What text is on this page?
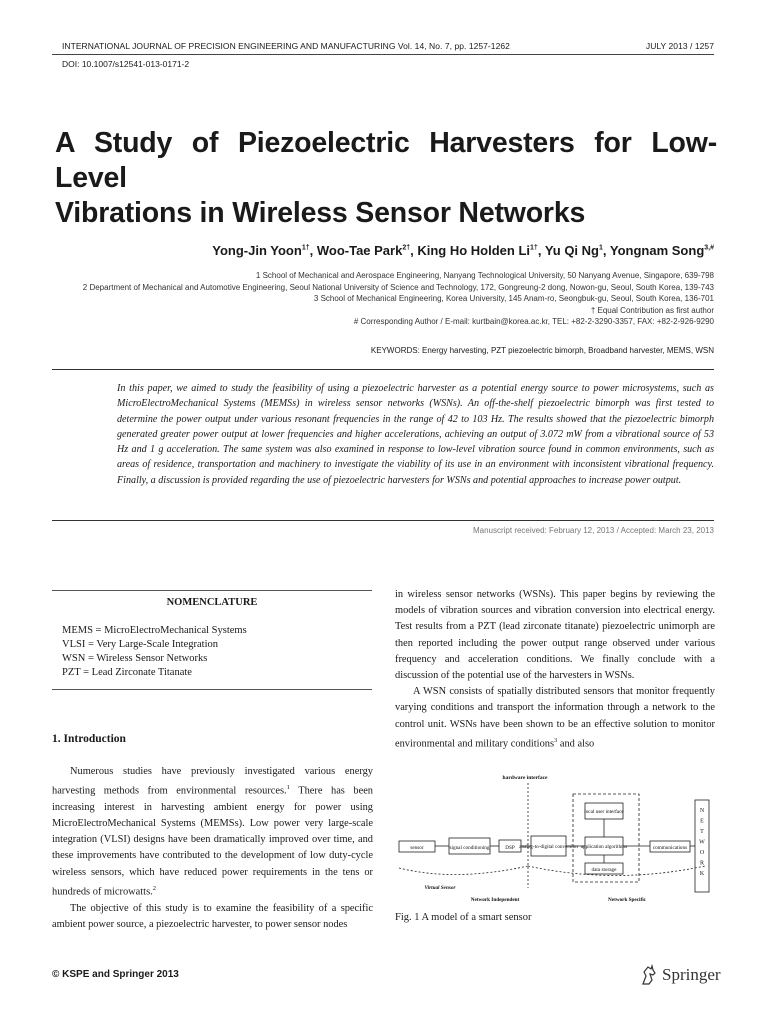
INTERNATIONAL JOURNAL OF PRECISION ENGINEERING AND MANUFACTURING Vol. 14, No. 7, pp. 1257-1262	JULY 2013 / 1257
DOI: 10.1007/s12541-013-0171-2
A Study of Piezoelectric Harvesters for Low-Level
Vibrations in Wireless Sensor Networks
Yong-Jin Yoon$^{1\dagger}$, Woo-Tae Park$^{2\dagger}$, King Ho Holden $Li^{1\dagger}$, Yu Qi Ng$^1$, Yongnam Song$^{3,\#}$
1 School of Mechanical and Aerospace Engineering, Nanyang Technological University, 50 Nanyang Avenue, Singapore, 639-798
2 Department of Mechanical and Automotive Engineering, Seoul National University of Science and Technology, 172, Gongreung-2 dong, Nowon-gu, Seoul, South Korea, 139-743
3 School of Mechanical Engineering, Korea University, 145 Anam-ro, Seongbuk-gu, Seoul, South Korea, 136-701
† Equal Contribution as first author
# Corresponding Author / E-mail: kurtbain@korea.ac.kr, TEL: +82-2-3290-3357, FAX: +82-2-926-9290
KEYWORDS: Energy harvesting, PZT piezoelectric bimorph, Broadband harvester, MEMS, WSN
In this paper, we aimed to study the feasibility of using a piezoelectric harvester as a potential energy source to power microsystems, such as MicroElectroMechanical Systems (MEMSs) in wireless sensor networks (WSNs). An off-the-shelf piezoelectric bimorph was first tested to determine the power output under various resonant frequencies in the range of 42 to 103 Hz. The results showed that the piezoelectric bimorph generated greater power output at lower frequencies and higher accelerations, achieving an output of 3.072 mW from a vibrational source of 53 Hz and 1 g acceleration. The same system was also examined in response to low-level vibration source found in common environments, such as areas of residence, transportation and machinery to investigate the viability of its use in an environment with inconsistent vibrational frequency. Finally, a discussion is provided regarding the use of piezoelectric harvesters for WSNs and potential approaches to increase power output.
Manuscript received: February 12, 2013 / Accepted: March 23, 2013
NOMENCLATURE
MEMS = MicroElectroMechanical Systems
VLSI = Very Large-Scale Integration
WSN = Wireless Sensor Networks
PZT = Lead Zirconate Titanate
1. Introduction

Numerous studies have previously investigated various energy harvesting methods from environmental resources.$^1$ There has been increasing interest in harvesting ambient energy for power using MicroElectroMechanical Systems (MEMSs). Low power very large-scale integration (VLSI) designs have been dramatically improved over time, and these improvements have contributed to the development of low duty-cycle wireless sensors, which have reduced power requirements in the tens or hundreds of microwatts.$^2$

The objective of this study is to examine the feasibility of a specific ambient power source, a piezoelectric harvester, to power sensor nodes

in wireless sensor networks (WSNs). This paper begins by reviewing the models of vibration sources and vibration conversion into electrical energy. Test results from a PZT (lead zirconate titanate) piezoelectric unimorph are then reported including the power output range observed under various frequency and acceleration conditions. We finally conclude with a discussion of the potential use of the harvesters in WSNs.

A WSN consists of spatially distributed sensors that monitor frequently varying conditions and transport the information through a network to the control unit. WSNs have been shown to be an effective solution to monitor environmental and military conditions$^3$ and also

hardware interface
sensor	signal conditioning	DSP analog-to-digital conversion
local user interface
application algorithms
data storage
communications
Virtual Sensor
Network Independent	Network Specific
N
E
T
W
O
R
K
Fig. 1 A model of a smart sensor
© KSPE and Springer 2013	Springer
